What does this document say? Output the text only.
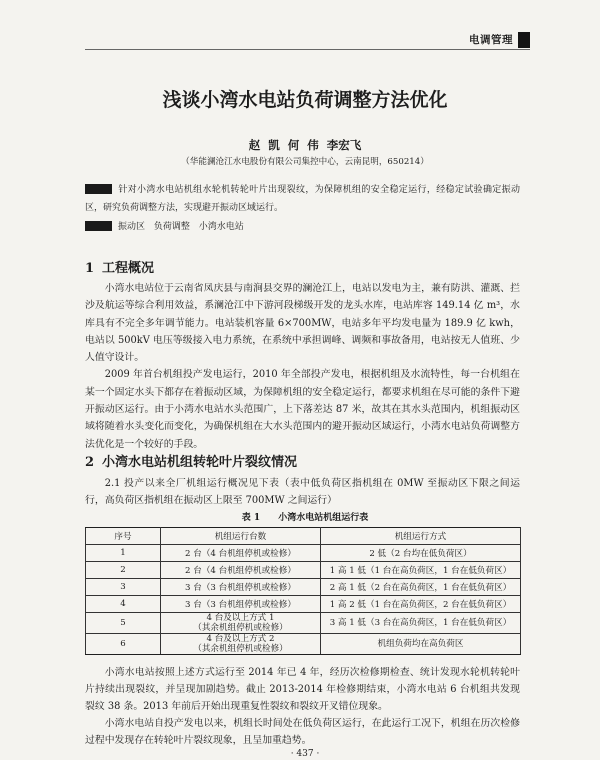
电调管理
浅谈小湾水电站负荷调整方法优化
赵 凯 何 伟 李宏飞
（华能澜沧江水电股份有限公司集控中心，云南昆明，650214）
针对小湾水电站机组水轮机转轮叶片出现裂纹，为保障机组的安全稳定运行，经稳定试验确定振动区，研究负荷调整方法，实现避开振动区域运行。
振动区 负荷调整 小湾水电站
1 工程概况

小湾水电站位于云南省凤庆县与南涧县交界的澜沧江上，电站以发电为主，兼有防洪、灌溉、拦沙及航运等综合利用效益，系澜沧江中下游河段梯级开发的龙头水库，电站库容 149.14 亿 m³，水库具有不完全多年调节能力。电站装机容量 6×700MW，电站多年平均发电量为 189.9 亿 kwh，电站以 500kV 电压等级接入电力系统，在系统中承担调峰、调频和事故备用，电站按无人值班、少人值守设计。

2009 年首台机组投产发电运行，2010 年全部投产发电，根据机组及水流特性，每一台机组在某一个固定水头下都存在着振动区域，为保障机组的安全稳定运行，都要求机组在尽可能的条件下避开振动区运行。由于小湾水电站水头范围广，上下落差达 87 米，故其在其水头范围内，机组振动区域将随着水头变化而变化，为确保机组在大水头范围内的避开振动区域运行，小湾水电站负荷调整方法优化是一个较好的手段。

2 小湾水电站机组转轮叶片裂纹情况

2.1 投产以来全厂机组运行概况见下表（表中低负荷区指机组在 0MW 至振动区下限之间运行，高负荷区指机组在振动区上限至 700MW 之间运行）

表 1 小湾水电站机组运行表
序号	机组运行台数	机组运行方式
1	2 台（4 台机组停机或检修）	2 低（2 台均在低负荷区）
2	2 台（4 台机组停机或检修）	1 高 1 低（1 台在高负荷区，1 台在低负荷区）
3	3 台（3 台机组停机或检修）	2 高 1 低（2 台在高负荷区，1 台在低负荷区）
4	3 台（3 台机组停机或检修）	1 高 2 低（1 台在高负荷区，2 台在低负荷区）
5	4 台及以上方式 1
（其余机组停机或检修）	3 高 1 低（3 台在高负荷区，1 台在低负荷区）
6	4 台及以上方式 2
（其余机组停机或检修）	机组负荷均在高负荷区

小湾水电站按照上述方式运行至 2014 年已 4 年，经历次检修期检查、统计发现水轮机转轮叶片持续出现裂纹，并呈现加剧趋势。截止 2013-2014 年检修期结束，小湾水电站 6 台机组共发现裂纹 38 条。2013 年前后开始出现重复性裂纹和裂纹开叉错位现象。

小湾水电站自投产发电以来，机组长时间处在低负荷区运行，在此运行工况下，机组在历次检修过程中发现存在转轮叶片裂纹现象，且呈加重趋势。

· 437 ·
